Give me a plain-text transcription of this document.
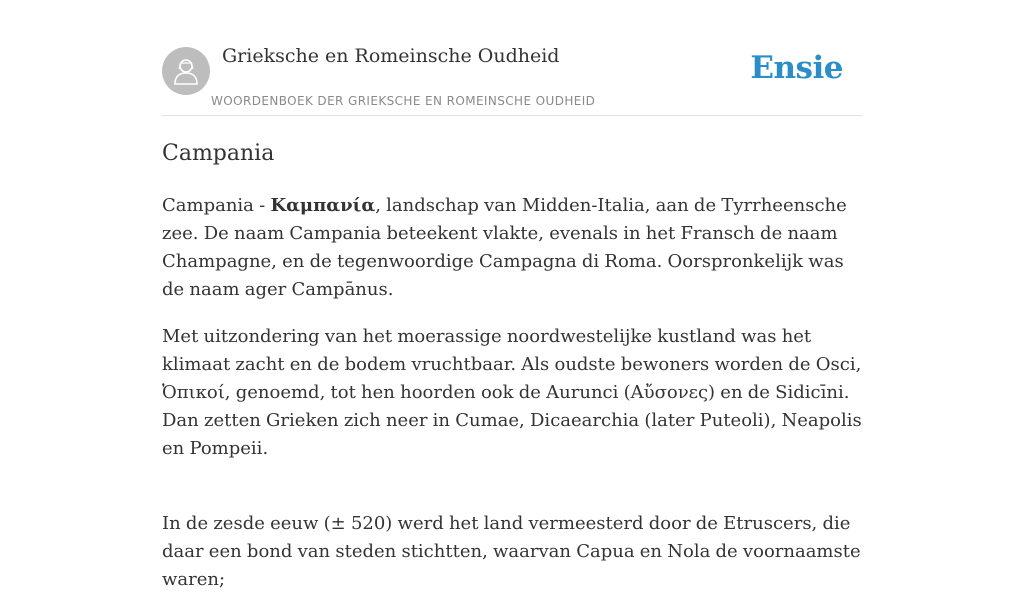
Grieksche en Romeinsche Oudheid
WOORDENBOEK DER GRIEKSCHE EN ROMEINSCHE OUDHEID
Ensie
Campania

Campania - Καμπανία, landschap van Midden-Italia, aan de Tyrrheensche zee. De naam Campania beteekent vlakte, evenals in het Fransch de naam Champagne, en de tegenwoordige Campagna di Roma. Oorspronkelijk was de naam ager Campānus.

Met uitzondering van het moerassige noordwestelijke kustland was het klimaat zacht en de bodem vruchtbaar. Als oudste bewoners worden de Osci, Ὀπικοί, genoemd, tot hen hoorden ook de Aurunci (Αὔσονες) en de Sidicīni. Dan zetten Grieken zich neer in Cumae, Dicaearchia (later Puteoli), Neapolis en Pompeii.

In de zesde eeuw (± 520) werd het land vermeesterd door de Etruscers, die daar een bond van steden stichtten, waarvan Capua en Nola de voornaamste waren;
